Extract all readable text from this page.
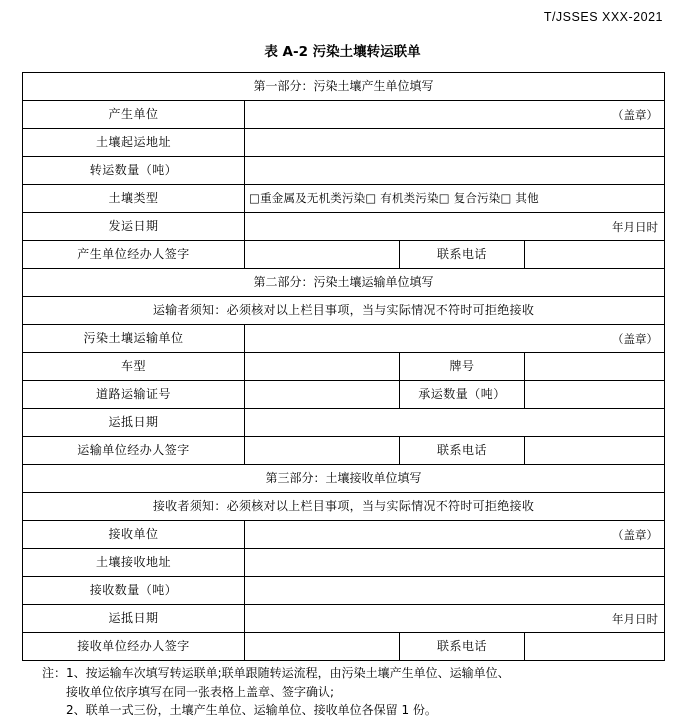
T/JSSES XXX-2021
表 A-2 污染土壤转运联单
第一部分：污染土壤产生单位填写			
产生单位	（盖章）		

土壤起运地址			
转运数量（吨）			
土壤类型	□重金属及无机类污染□ 有机类污染□ 复合污染□ 其他		
发运日期	年月日时		

产生单位经办人签字		联系电话	
第二部分：污染土壤运输单位填写			
运输者须知：必须核对以上栏目事项，当与实际情况不符时可拒绝接收			
污染土壤运输单位	（盖章）		

车型		牌号	
道路运输证号		承运数量（吨）	
运抵日期			
运输单位经办人签字		联系电话	
第三部分：土壤接收单位填写			
接收者须知：必须核对以上栏目事项，当与实际情况不符时可拒绝接收			
接收单位	（盖章）		

土壤接收地址			
接收数量（吨）			
运抵日期	年月日时		

接收单位经办人签字		联系电话	
注：1、按运输车次填写转运联单;联单跟随转运流程，由污染土壤产生单位、运输单位、
接收单位依序填写在同一张表格上盖章、签字确认;
2、联单一式三份，土壤产生单位、运输单位、接收单位各保留 1 份。
